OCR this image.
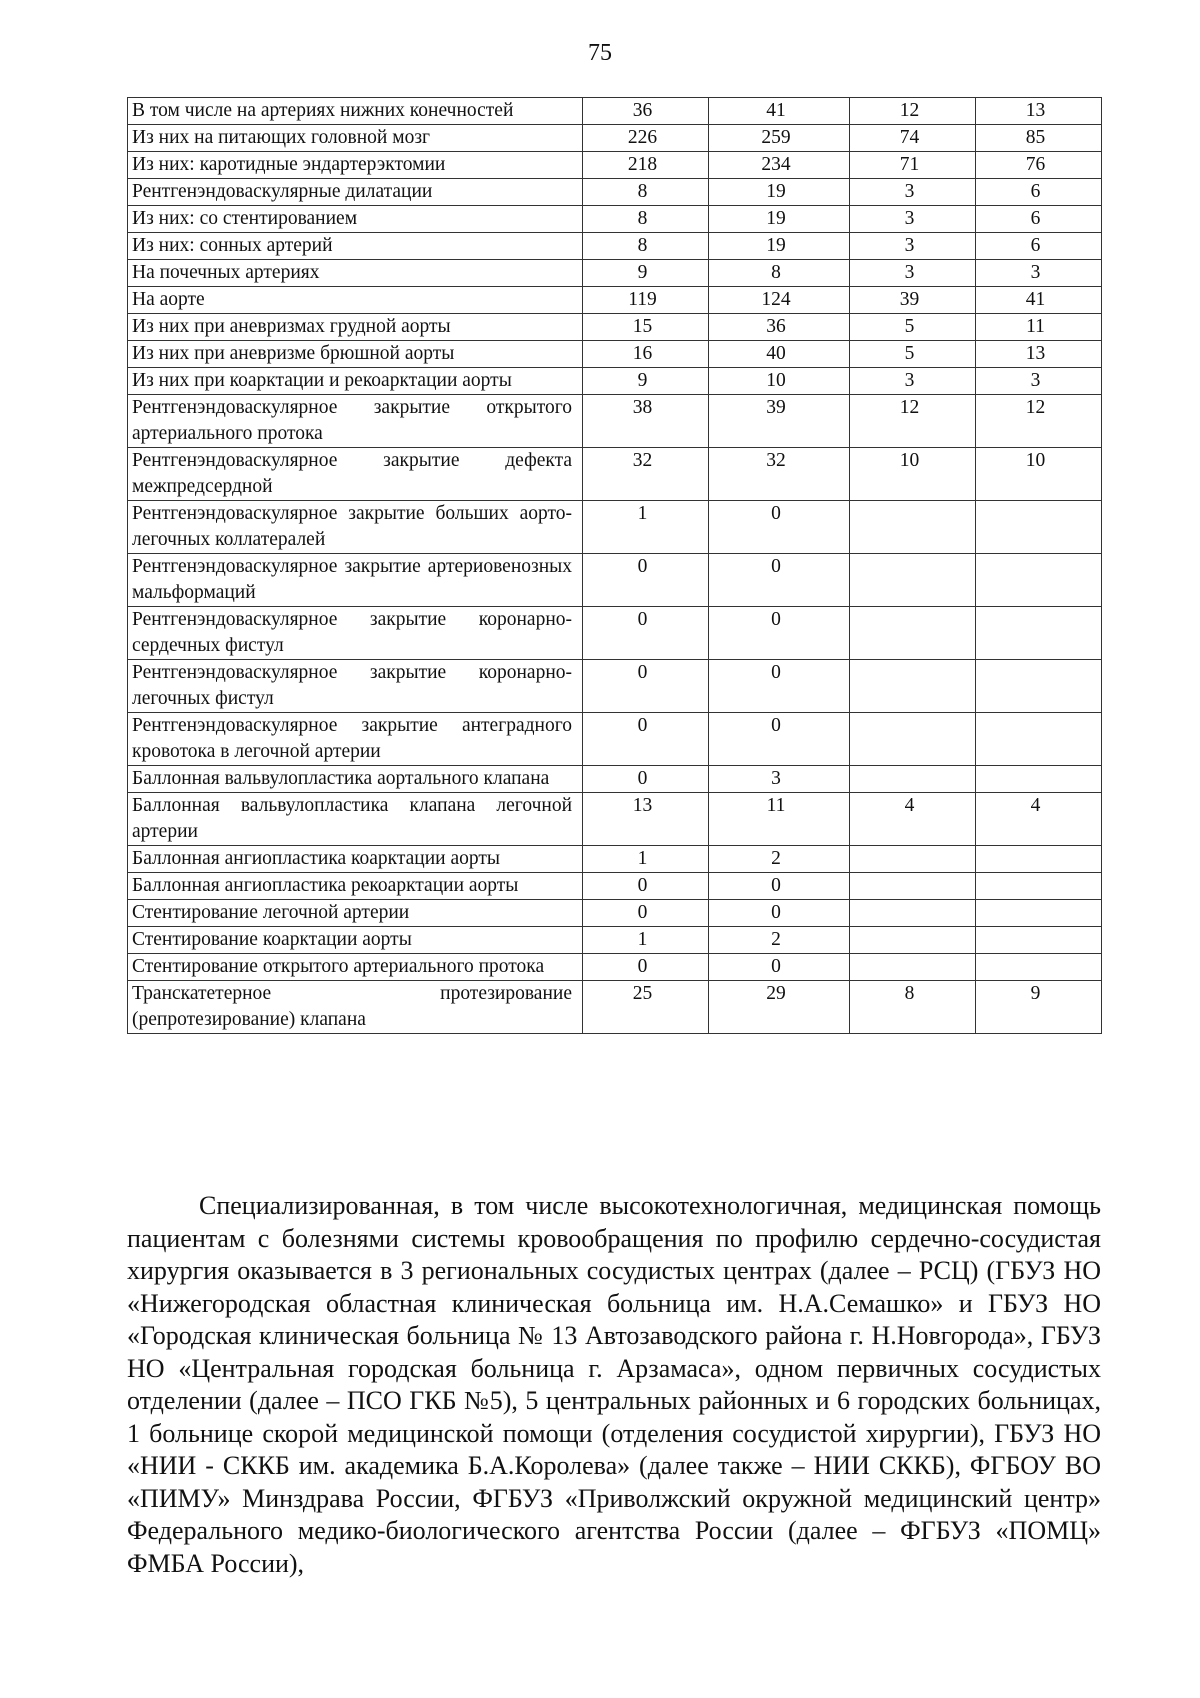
75
В том числе на артериях нижних конечностей	36	41	12	13
Из них на питающих головной мозг	226	259	74	85
Из них: каротидные эндартерэктомии	218	234	71	76
Рентгенэндоваскулярные дилатации	8	19	3	6
Из них: со стентированием	8	19	3	6
Из них: сонных артерий	8	19	3	6
На почечных артериях	9	8	3	3
На аорте	119	124	39	41
Из них при аневризмах грудной аорты	15	36	5	11
Из них при аневризме брюшной аорты	16	40	5	13
Из них при коарктации и рекоарктации аорты	9	10	3	3
Рентгенэндоваскулярное закрытие открытого артериального протока	38	39	12	12
Рентгенэндоваскулярное закрытие дефекта межпредсердной	32	32	10	10
Рентгенэндоваскулярное закрытие больших аорто-легочных коллатералей	1	0		
Рентгенэндоваскулярное закрытие артериовенозных мальформаций	0	0		
Рентгенэндоваскулярное закрытие коронарно-сердечных фистул	0	0		
Рентгенэндоваскулярное закрытие коронарно-легочных фистул	0	0		
Рентгенэндоваскулярное закрытие антеградного кровотока в легочной артерии	0	0		
Баллонная вальвулопластика аортального клапана	0	3		
Баллонная вальвулопластика клапана легочной артерии	13	11	4	4
Баллонная ангиопластика коарктации аорты	1	2		
Баллонная ангиопластика рекоарктации аорты	0	0		
Стентирование легочной артерии	0	0		
Стентирование коарктации аорты	1	2		
Стентирование открытого артериального протока	0	0		
Транскатетерное протезирование (репротезирование) клапана	25	29	8	9

Специализированная, в том числе высокотехнологичная, медицинская помощь пациентам с болезнями системы кровообращения по профилю сердечно-сосудистая хирургия оказывается в 3 региональных сосудистых центрах (далее – РСЦ) (ГБУЗ НО «Нижегородская областная клиническая больница им. Н.А.Семашко» и ГБУЗ НО «Городская клиническая больница № 13 Автозаводского района г. Н.Новгорода», ГБУЗ НО «Центральная городская больница г. Арзамаса», одном первичных сосудистых отделении (далее – ПСО ГКБ №5), 5 центральных районных и 6 городских больницах, 1 больнице скорой медицинской помощи (отделения сосудистой хирургии), ГБУЗ НО «НИИ - СККБ им. академика Б.А.Королева» (далее также – НИИ СККБ), ФГБОУ ВО «ПИМУ» Минздрава России, ФГБУЗ «Приволжский окружной медицинский центр» Федерального медико-биологического агентства России (далее – ФГБУЗ «ПОМЦ» ФМБА России),
